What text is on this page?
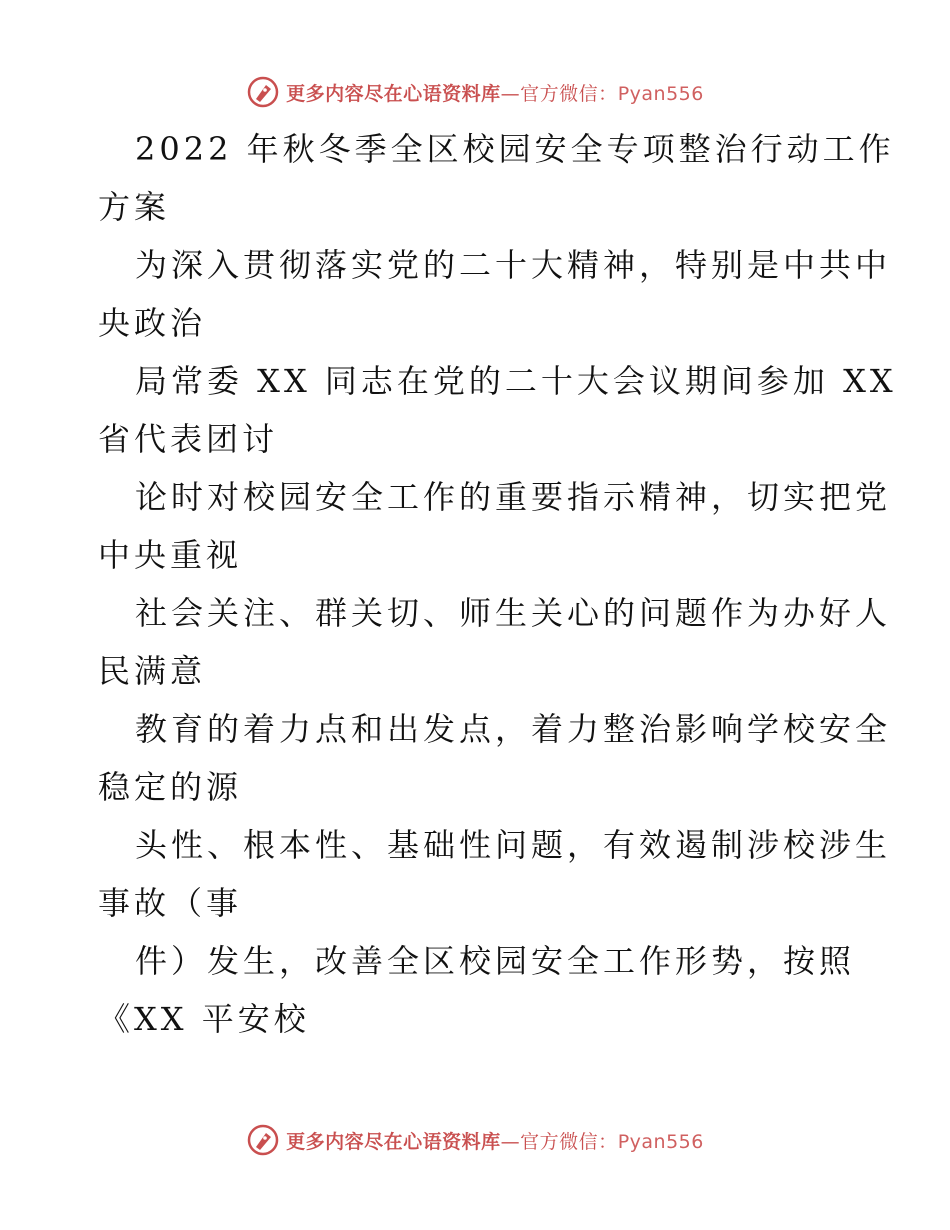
更多内容尽在心语资料库—官方微信：Pyan556
2022 年秋冬季全区校园安全专项整治行动工作
方案
为深入贯彻落实党的二十大精神，特别是中共中
央政治
局常委 XX 同志在党的二十大会议期间参加 XX
省代表团讨
论时对校园安全工作的重要指示精神，切实把党
中央重视
社会关注、群关切、师生关心的问题作为办好人
民满意
教育的着力点和出发点，着力整治影响学校安全
稳定的源
头性、根本性、基础性问题，有效遏制涉校涉生
事故（事
件）发生，改善全区校园安全工作形势，按照
《XX 平安校
更多内容尽在心语资料库—官方微信：Pyan556
